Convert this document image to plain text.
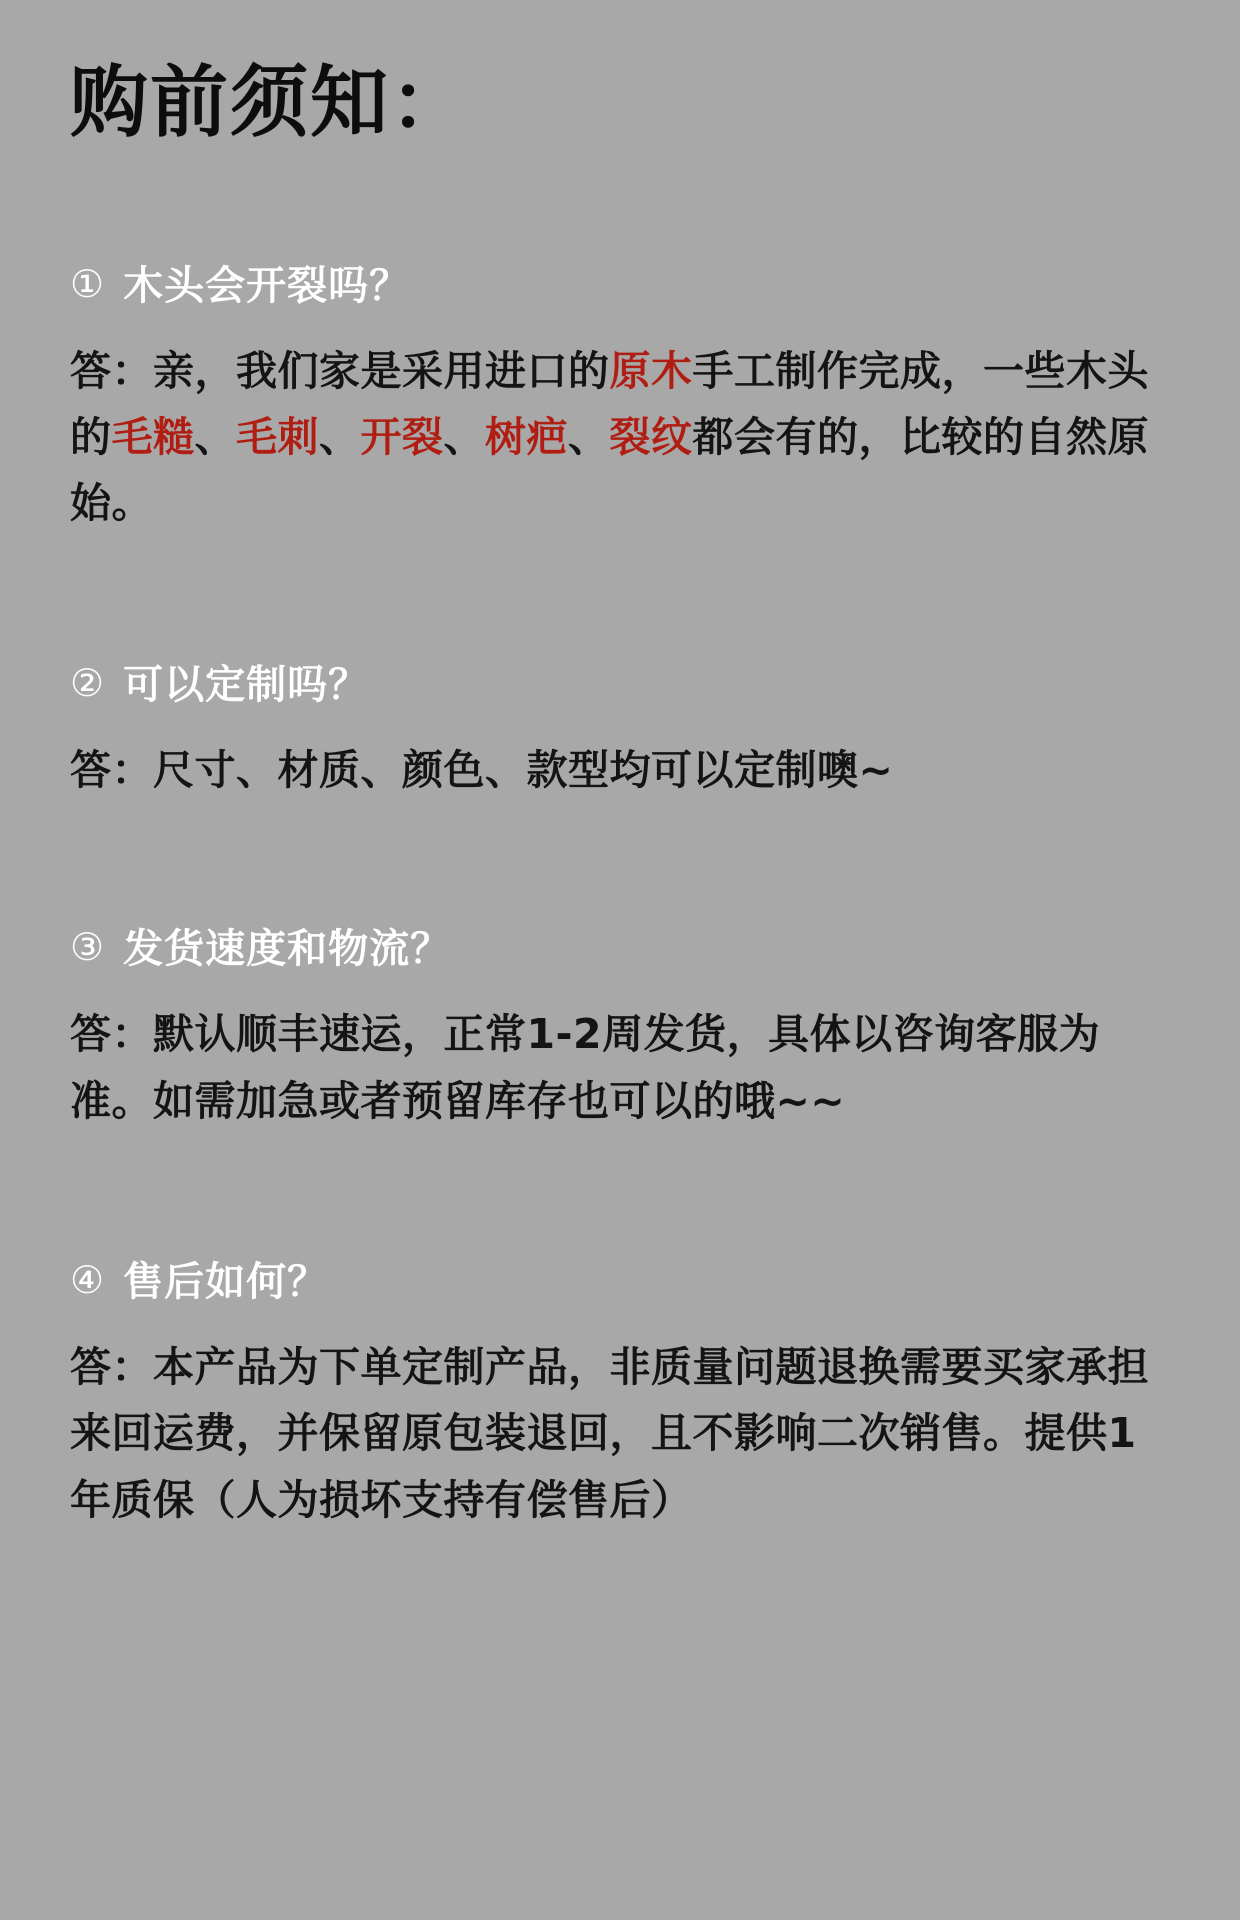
购前须知：
① 木头会开裂吗？

答：亲，我们家是采用进口的原木手工制作完成，一些木头的毛糙、毛刺、开裂、树疤、裂纹都会有的，比较的自然原始。

② 可以定制吗？

答：尺寸、材质、颜色、款型均可以定制噢~

③ 发货速度和物流？

答：默认顺丰速运，正常1-2周发货，具体以咨询客服为准。如需加急或者预留库存也可以的哦~~

④ 售后如何？

答：本产品为下单定制产品，非质量问题退换需要买家承担来回运费，并保留原包装退回，且不影响二次销售。提供1年质保（人为损坏支持有偿售后）
